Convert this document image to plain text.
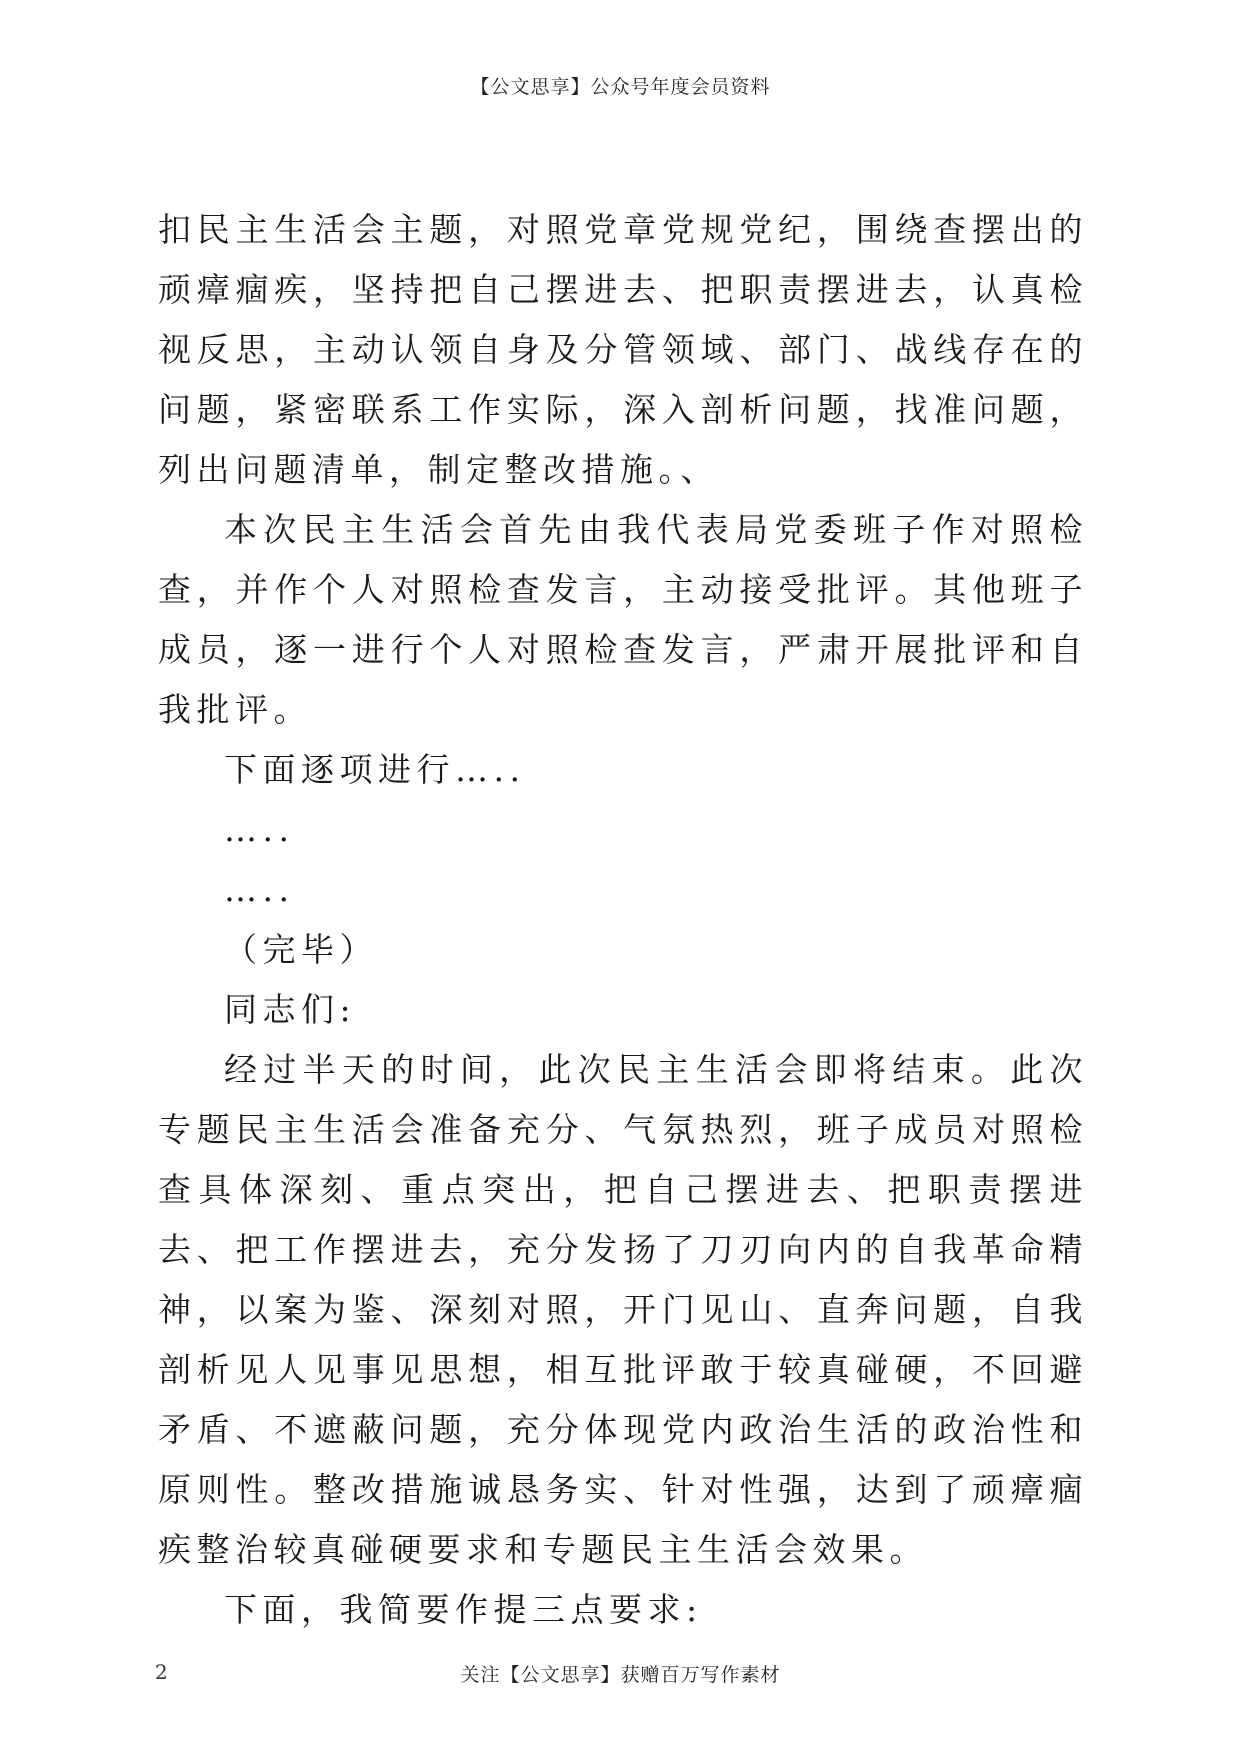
【公文思享】公众号年度会员资料

扣民主生活会主题，对照党章党规党纪，围绕查摆出的顽瘴痼疾，坚持把自己摆进去、把职责摆进去，认真检视反思，主动认领自身及分管领域、部门、战线存在的问题，紧密联系工作实际，深入剖析问题，找准问题，列出问题清单，制定整改措施。、

本次民主生活会首先由我代表局党委班子作对照检查，并作个人对照检查发言，主动接受批评。其他班子成员，逐一进行个人对照检查发言，严肃开展批评和自我批评。

下面逐项进行…..

…..

…..

（完毕）

同志们:

经过半天的时间，此次民主生活会即将结束。此次专题民主生活会准备充分、气氛热烈，班子成员对照检查具体深刻、重点突出，把自己摆进去、把职责摆进去、把工作摆进去，充分发扬了刀刃向内的自我革命精神，以案为鉴、深刻对照，开门见山、直奔问题，自我剖析见人见事见思想，相互批评敢于较真碰硬，不回避矛盾、不遮蔽问题，充分体现党内政治生活的政治性和原则性。整改措施诚恳务实、针对性强，达到了顽瘴痼疾整治较真碰硬要求和专题民主生活会效果。

下面，我简要作提三点要求:

2	关注【公文思享】获赠百万写作素材
